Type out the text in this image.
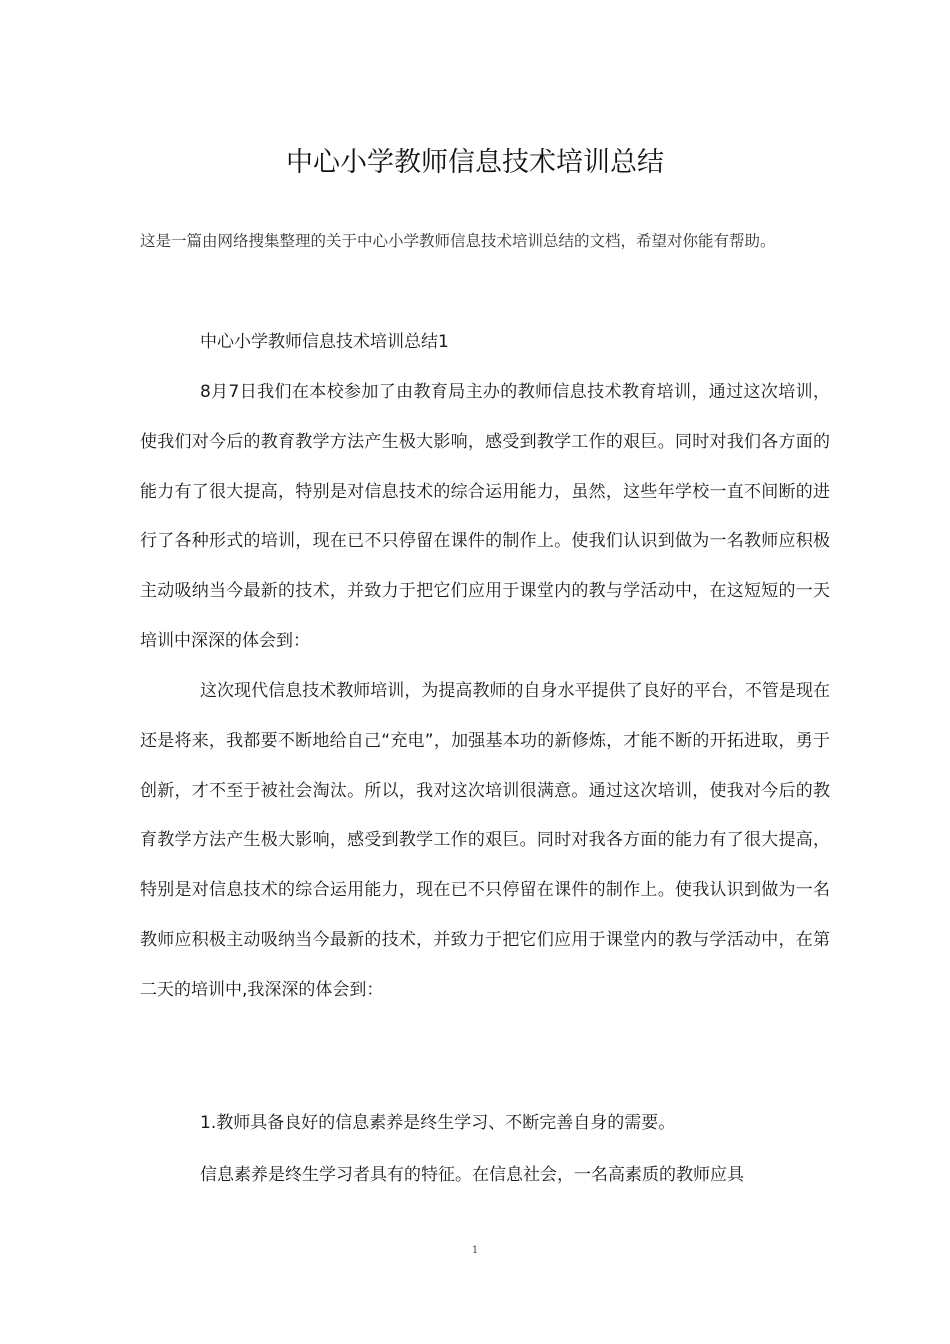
中心小学教师信息技术培训总结

这是一篇由网络搜集整理的关于中心小学教师信息技术培训总结的文档，希望对你能有帮助。

中心小学教师信息技术培训总结1

8月7日我们在本校参加了由教育局主办的教师信息技术教育培训，通过这次培训，使我们对今后的教育教学方法产生极大影响，感受到教学工作的艰巨。同时对我们各方面的能力有了很大提高，特别是对信息技术的综合运用能力，虽然，这些年学校一直不间断的进行了各种形式的培训，现在已不只停留在课件的制作上。使我们认识到做为一名教师应积极主动吸纳当今最新的技术，并致力于把它们应用于课堂内的教与学活动中，在这短短的一天培训中深深的体会到：

这次现代信息技术教师培训，为提高教师的自身水平提供了良好的平台，不管是现在还是将来，我都要不断地给自己“充电”，加强基本功的新修炼，才能不断的开拓进取，勇于创新，才不至于被社会淘汰。所以，我对这次培训很满意。通过这次培训，使我对今后的教育教学方法产生极大影响，感受到教学工作的艰巨。同时对我各方面的能力有了很大提高，特别是对信息技术的综合运用能力，现在已不只停留在课件的制作上。使我认识到做为一名教师应积极主动吸纳当今最新的技术，并致力于把它们应用于课堂内的教与学活动中，在第二天的培训中,我深深的体会到：

1.教师具备良好的信息素养是终生学习、不断完善自身的需要。

信息素养是终生学习者具有的特征。在信息社会，一名高素质的教师应具

1
